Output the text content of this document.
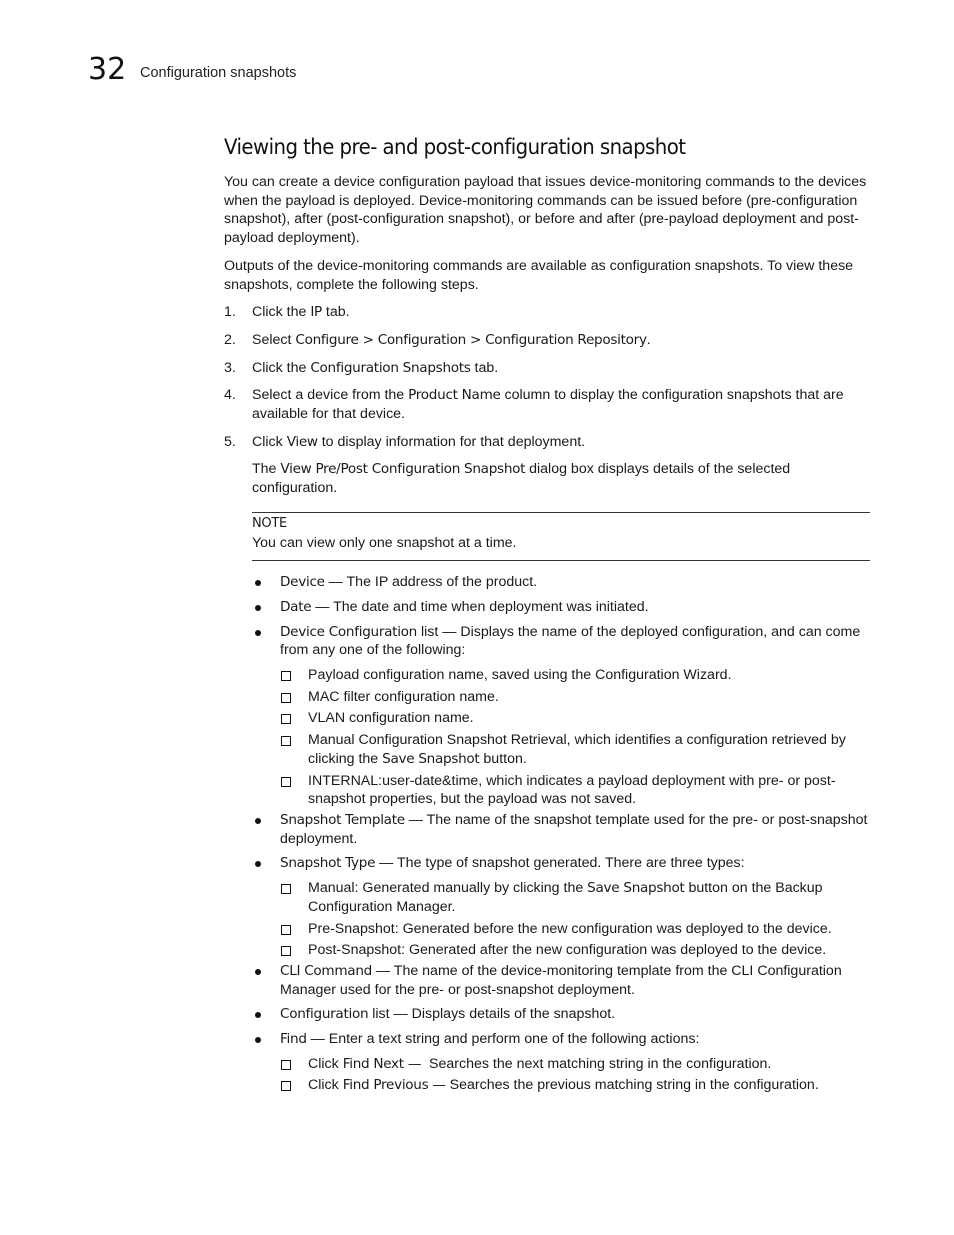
32 Configuration snapshots
Viewing the pre- and post-configuration snapshot

You can create a device configuration payload that issues device-monitoring commands to the devices when the payload is deployed. Device-monitoring commands can be issued before (pre-configuration snapshot), after (post-configuration snapshot), or before and after (pre-payload deployment and post-payload deployment).

Outputs of the device-monitoring commands are available as configuration snapshots. To view these snapshots, complete the following steps.

1. Click the IP tab.
2. Select Configure > Configuration > Configuration Repository.
3. Click the Configuration Snapshots tab.
4. Select a device from the Product Name column to display the configuration snapshots that are available for that device.
5. Click View to display information for that deployment.

The View Pre/Post Configuration Snapshot dialog box displays details of the selected configuration.

NOTE
You can view only one snapshot at a time.
Device — The IP address of the product.
Date — The date and time when deployment was initiated.
Device Configuration list — Displays the name of the deployed configuration, and can come from any one of the following:
Payload configuration name, saved using the Configuration Wizard.
MAC filter configuration name.
VLAN configuration name.
Manual Configuration Snapshot Retrieval, which identifies a configuration retrieved by clicking the Save Snapshot button.
INTERNAL:user-date&time, which indicates a payload deployment with pre- or post-snapshot properties, but the payload was not saved.
Snapshot Template — The name of the snapshot template used for the pre- or post-snapshot deployment.
Snapshot Type — The type of snapshot generated. There are three types:
Manual: Generated manually by clicking the Save Snapshot button on the Backup Configuration Manager.
Pre-Snapshot: Generated before the new configuration was deployed to the device.
Post-Snapshot: Generated after the new configuration was deployed to the device.
CLI Command — The name of the device-monitoring template from the CLI Configuration Manager used for the pre- or post-snapshot deployment.
Configuration list — Displays details of the snapshot.
Find — Enter a text string and perform one of the following actions:
Click Find Next —  Searches the next matching string in the configuration.
Click Find Previous — Searches the previous matching string in the configuration.
